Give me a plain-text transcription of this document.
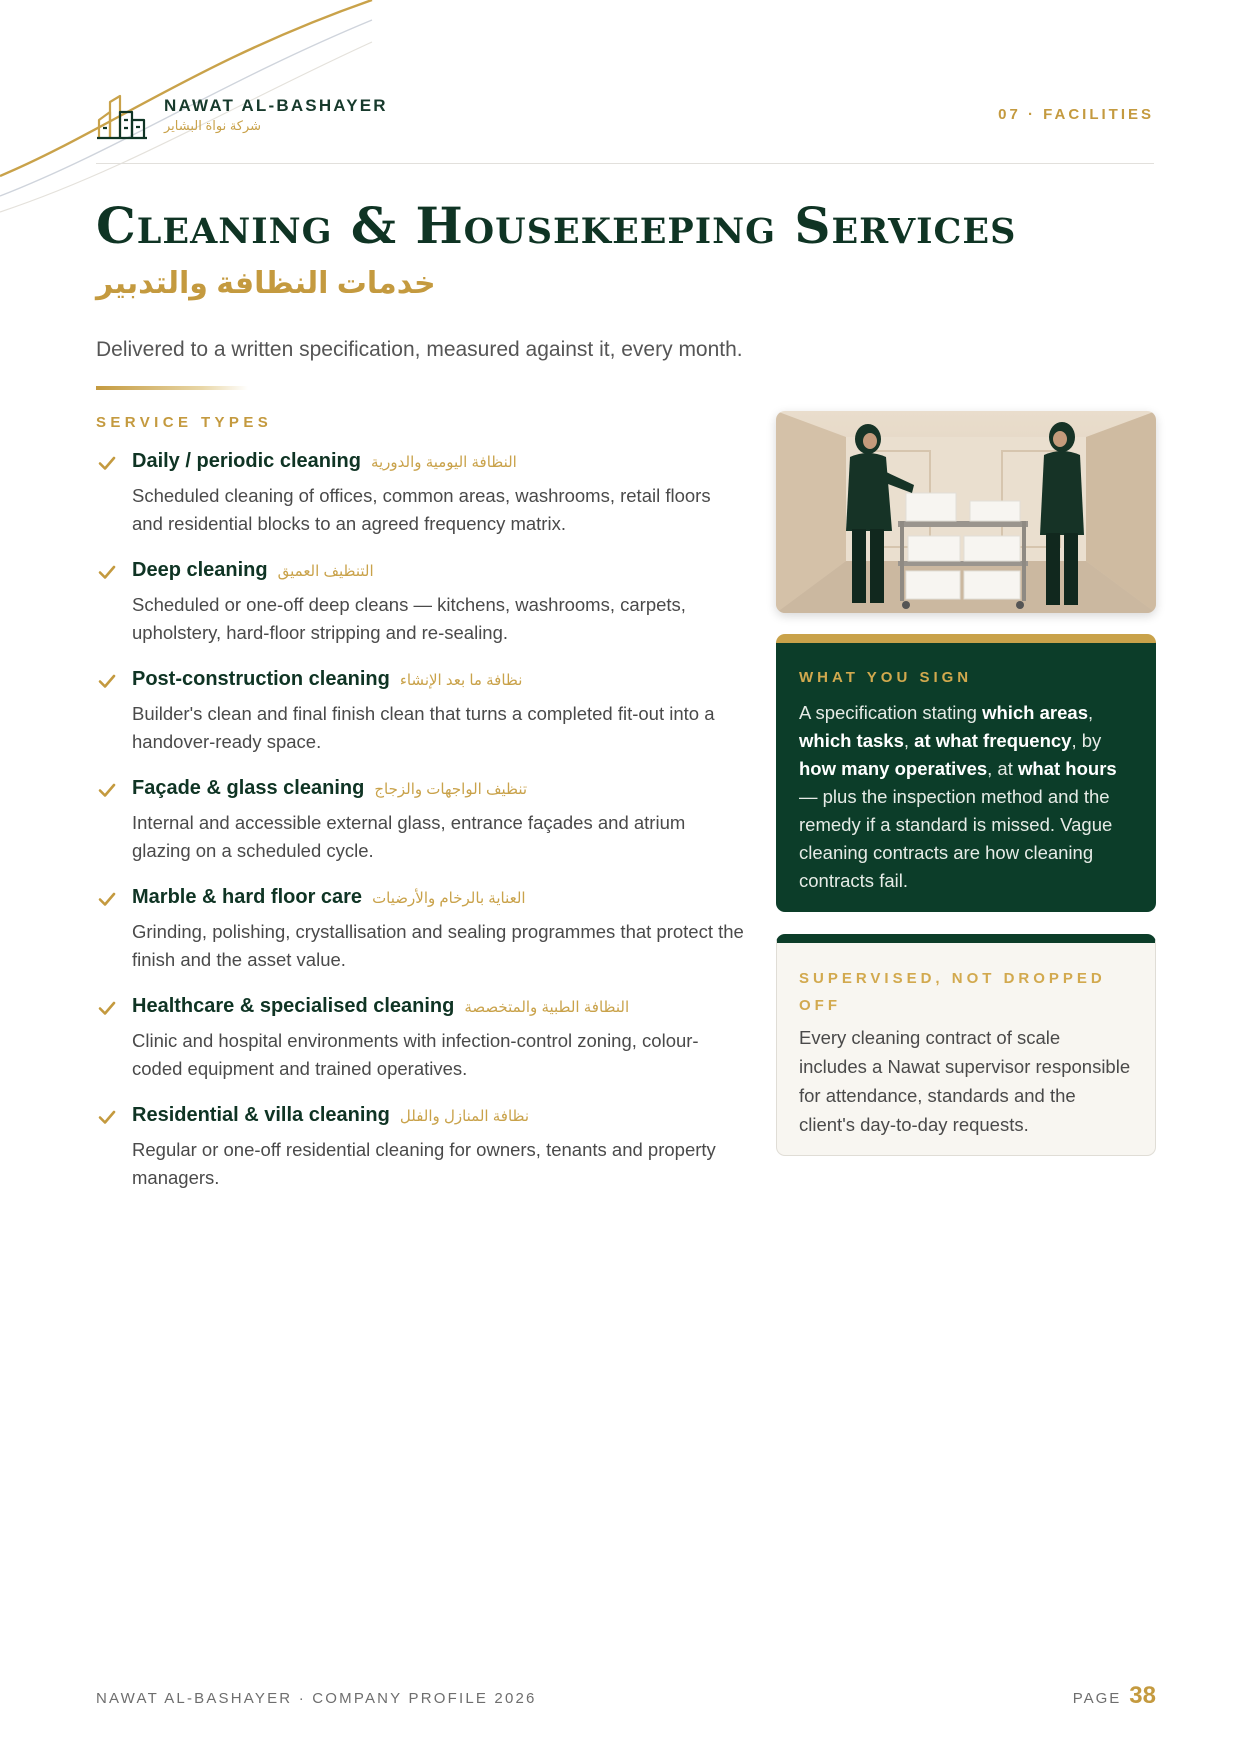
NAWAT AL-BASHAYER
شركة نواة البشاير
07 · FACILITIES
Cleaning & Housekeeping Services
خدمات النظافة والتدبير

Delivered to a written specification, measured against it, every month.

SERVICE TYPES
Daily / periodic cleaning النظافة اليومية والدورية

Scheduled cleaning of offices, common areas, washrooms, retail floors and residential blocks to an agreed frequency matrix.

Deep cleaning التنظيف العميق

Scheduled or one-off deep cleans — kitchens, washrooms, carpets, upholstery, hard-floor stripping and re-sealing.

Post-construction cleaning نظافة ما بعد الإنشاء

Builder's clean and final finish clean that turns a completed fit-out into a handover-ready space.

Façade & glass cleaning تنظيف الواجهات والزجاج

Internal and accessible external glass, entrance façades and atrium glazing on a scheduled cycle.

Marble & hard floor care العناية بالرخام والأرضيات

Grinding, polishing, crystallisation and sealing programmes that protect the finish and the asset value.

Healthcare & specialised cleaning النظافة الطبية والمتخصصة

Clinic and hospital environments with infection-control zoning, colour-coded equipment and trained operatives.

Residential & villa cleaning نظافة المنازل والفلل

Regular or one-off residential cleaning for owners, tenants and property managers.

WHAT YOU SIGN

A specification stating which areas, which tasks, at what frequency, by how many operatives, at what hours — plus the inspection method and the remedy if a standard is missed. Vague cleaning contracts are how cleaning contracts fail.

SUPERVISED, NOT DROPPED OFF

Every cleaning contract of scale includes a Nawat supervisor responsible for attendance, standards and the client's day-to-day requests.

NAWAT AL-BASHAYER · COMPANY PROFILE 2026	PAGE 38
